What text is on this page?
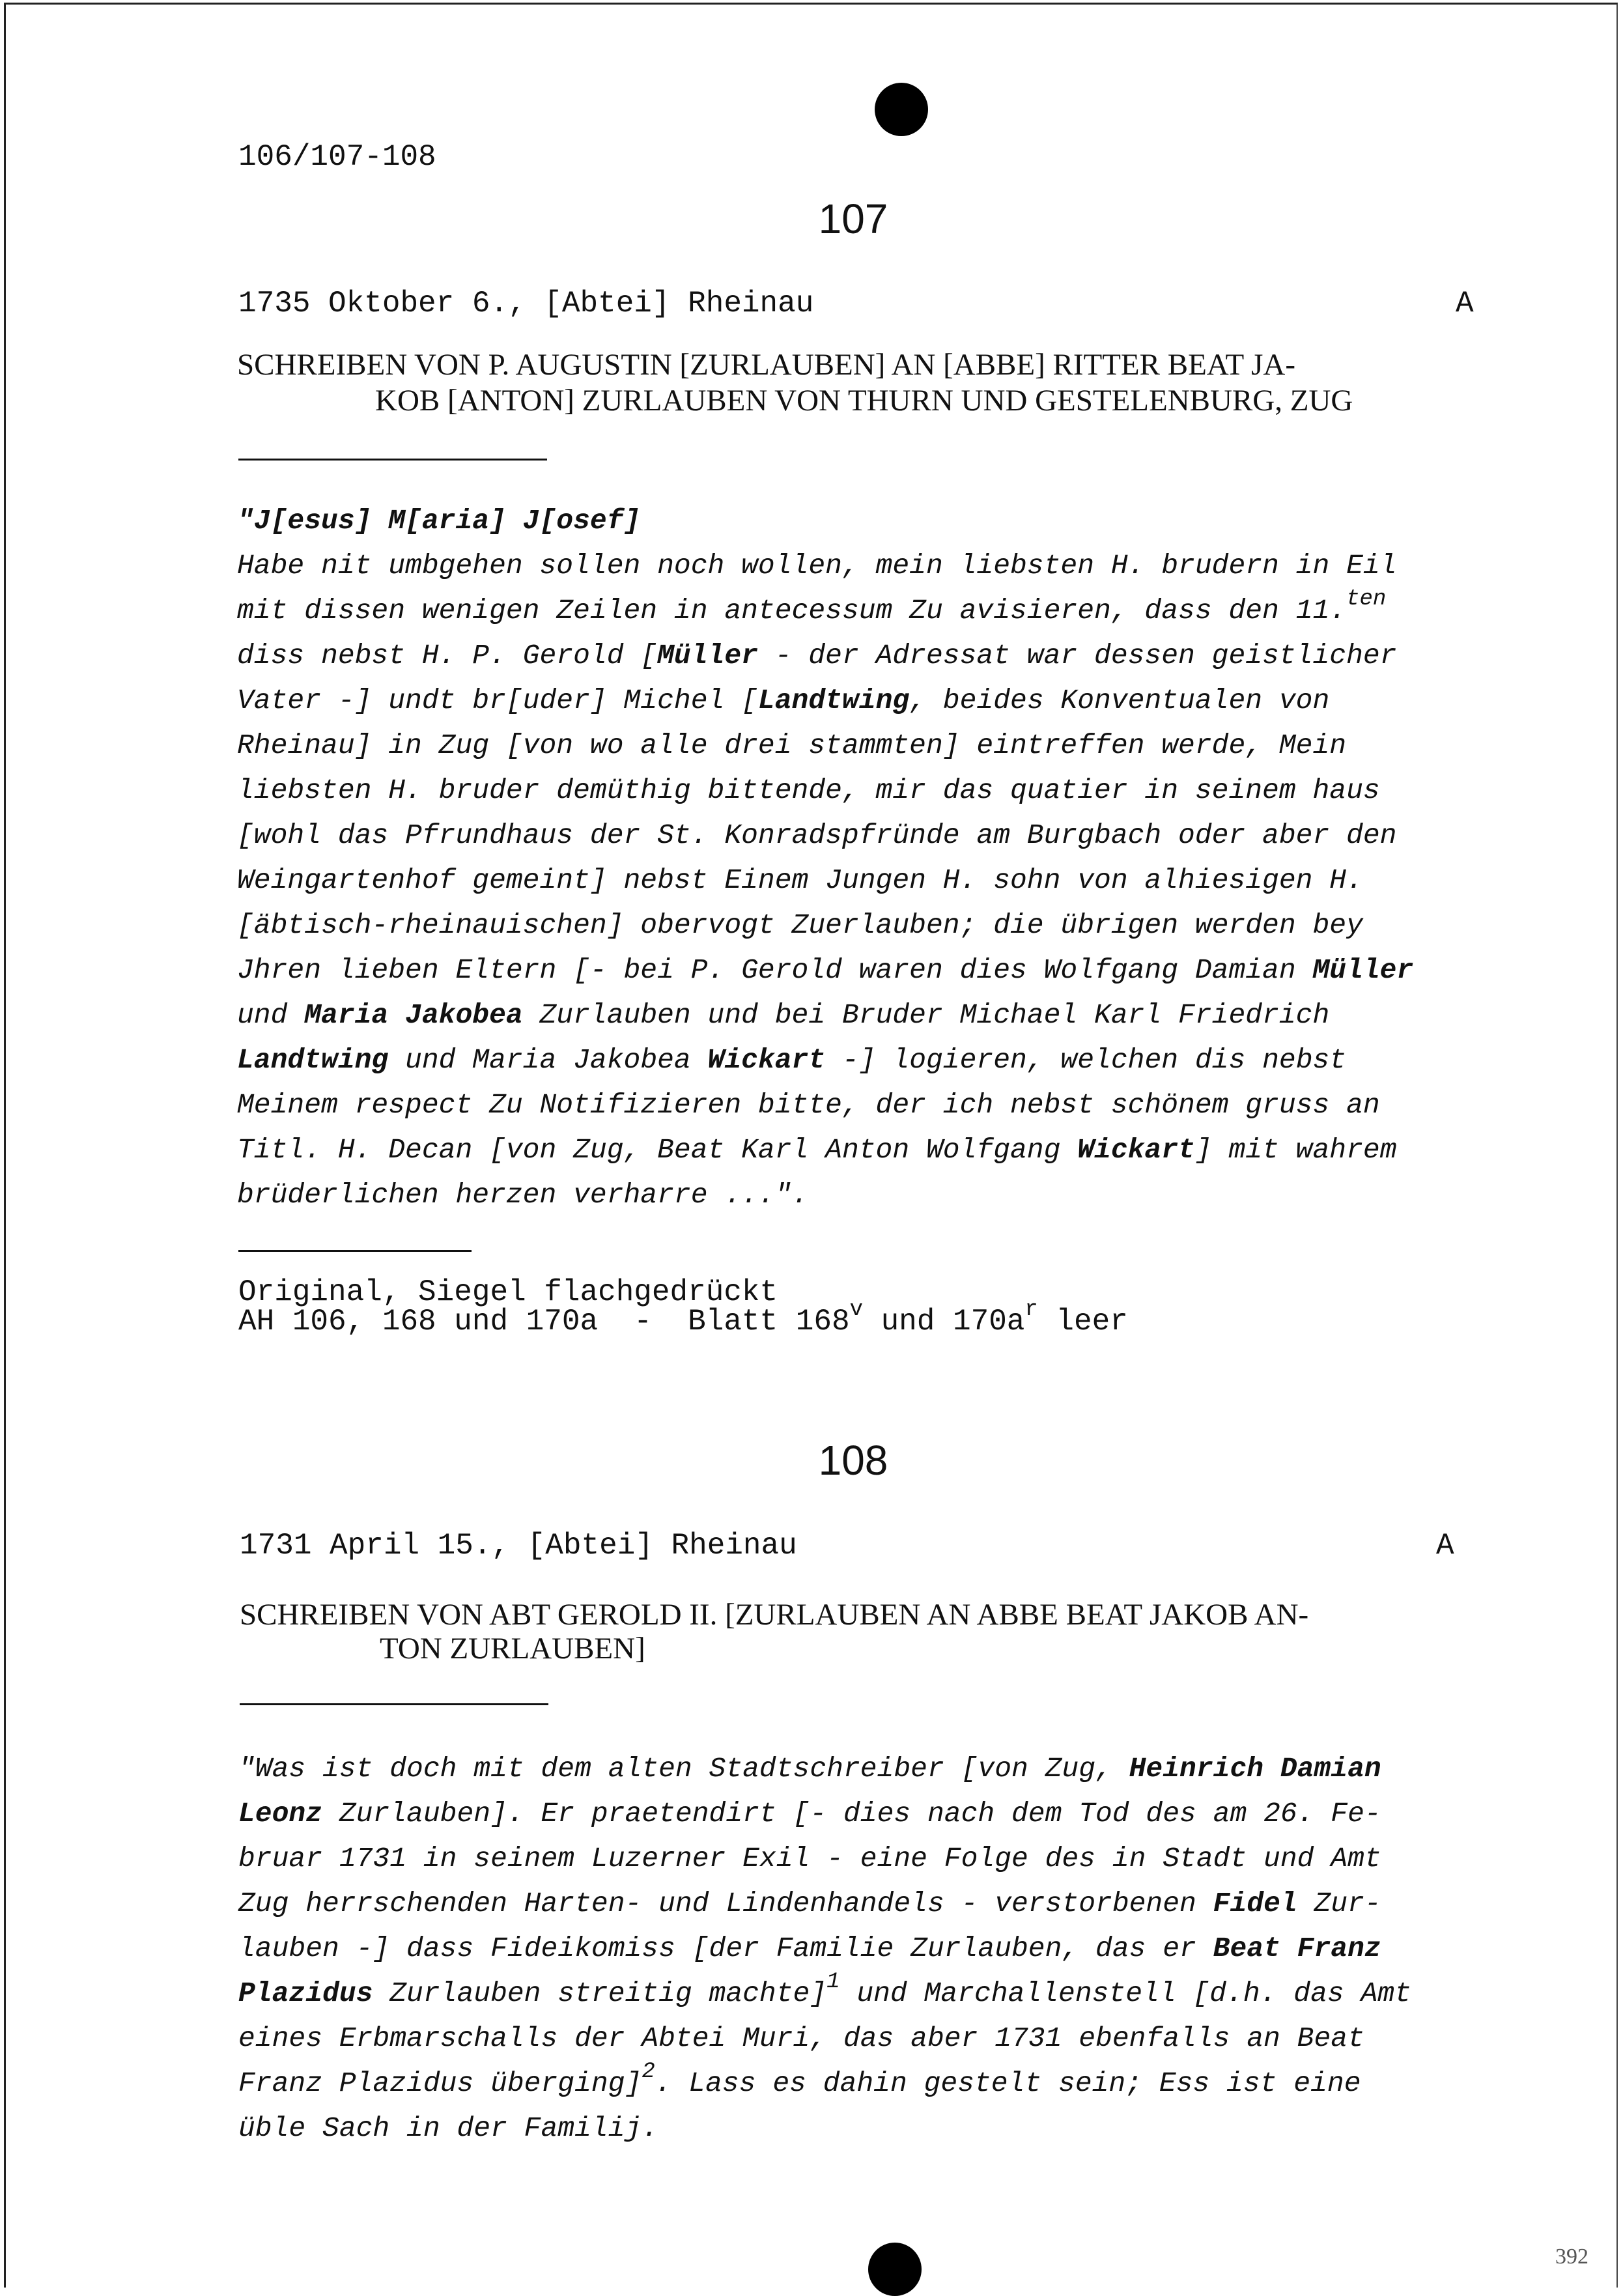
106/107-108
107
1735 Oktober 6., [Abtei] Rheinau	A
SCHREIBEN VON P. AUGUSTIN [ZURLAUBEN] AN [ABBE] RITTER BEAT JA-
KOB [ANTON] ZURLAUBEN VON THURN UND GESTELENBURG, ZUG
"J[esus] M[aria] J[osef]
Habe nit umbgehen sollen noch wollen, mein liebsten H. brudern in Eil
mit dissen wenigen Zeilen in antecessum Zu avisieren, dass den 11.$^{ten}$
diss nebst H. P. Gerold [Müller - der Adressat war dessen geistlicher
Vater -] undt br[uder] Michel [Landtwing, beides Konventualen von
Rheinau] in Zug [von wo alle drei stammten] eintreffen werde, Mein
liebsten H. bruder demüthig bittende, mir das quatier in seinem haus
[wohl das Pfrundhaus der St. Konradspfründe am Burgbach oder aber den
Weingartenhof gemeint] nebst Einem Jungen H. sohn von alhiesigen H.
[äbtisch-rheinauischen] obervogt Zuerlauben; die übrigen werden bey
Jhren lieben Eltern [- bei P. Gerold waren dies Wolfgang Damian Müller
und Maria Jakobea Zurlauben und bei Bruder Michael Karl Friedrich
Landtwing und Maria Jakobea Wickart -] logieren, welchen dis nebst
Meinem respect Zu Notifizieren bitte, der ich nebst schönem gruss an
Titl. H. Decan [von Zug, Beat Karl Anton Wolfgang Wickart] mit wahrem
brüderlichen herzen verharre ...".
Original, Siegel flachgedrückt
AH 106, 168 und 170a  -  Blatt 168$^v$ und $170a^r$ leer
108
1731 April 15., [Abtei] Rheinau	A
SCHREIBEN VON ABT GEROLD II. [ZURLAUBEN AN ABBE BEAT JAKOB AN-
TON ZURLAUBEN]
"Was ist doch mit dem alten Stadtschreiber [von Zug, Heinrich Damian
Leonz Zurlauben]. Er praetendirt [- dies nach dem Tod des am 26. Fe-
bruar 1731 in seinem Luzerner Exil - eine Folge des in Stadt und Amt
Zug herrschenden Harten- und Lindenhandels - verstorbenen Fidel Zur-
lauben -] dass Fideikomiss [der Familie Zurlauben, das er Beat Franz
Plazidus Zurlauben streitig machte]$^1$ und Marchallenstell [d.h. das Amt
eines Erbmarschalls der Abtei Muri, das aber 1731 ebenfalls an Beat
Franz Plazidus überging]$^2$. Lass es dahin gestelt sein; Ess ist eine
üble Sach in der Familij.
392
